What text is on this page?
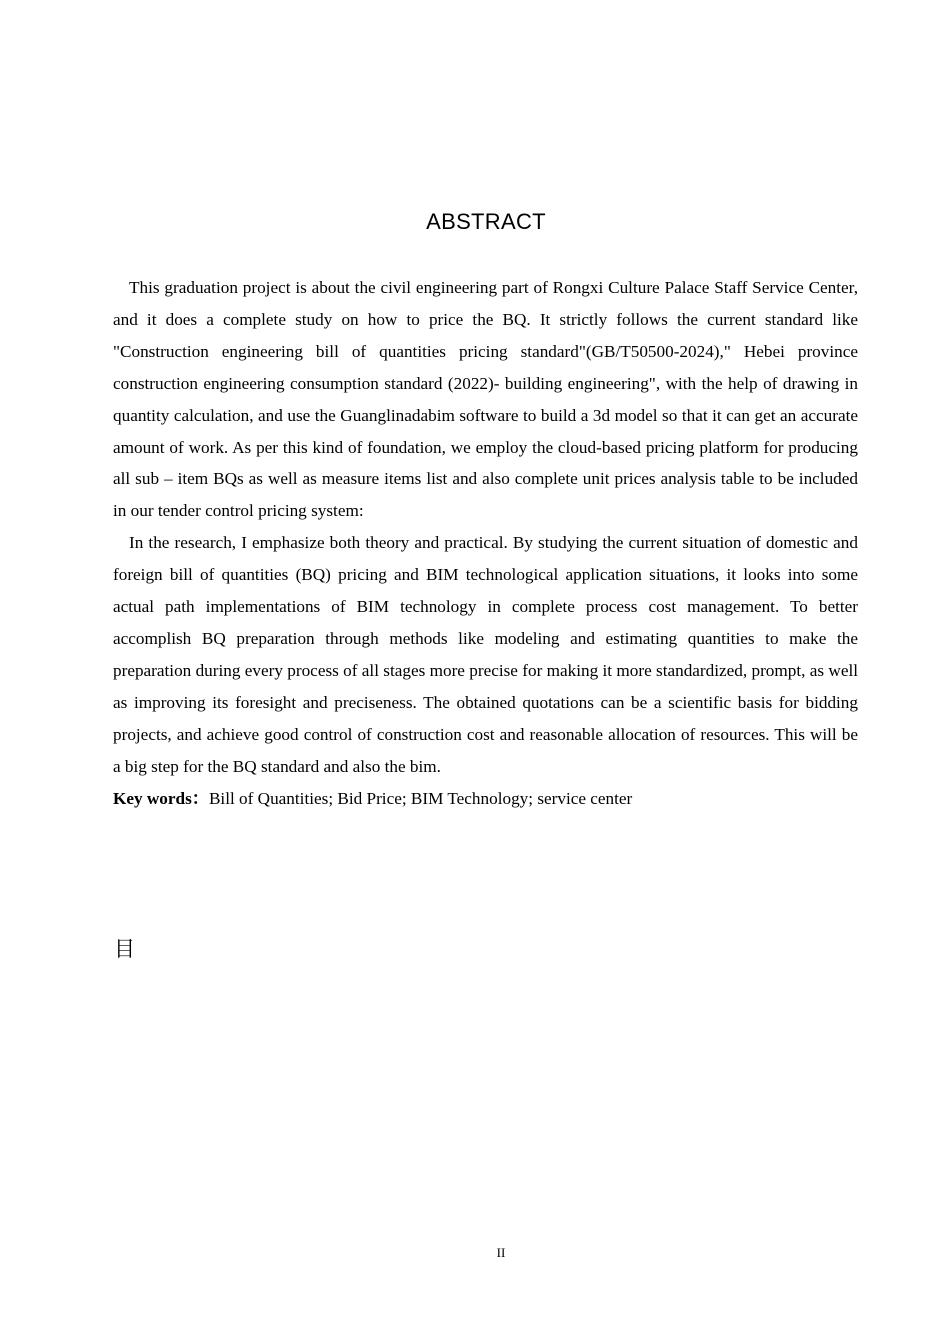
ABSTRACT

This graduation project is about the civil engineering part of Rongxi Culture Palace Staff Service Center, and it does a complete study on how to price the BQ. It strictly follows the current standard like "Construction engineering bill of quantities pricing standard"(GB/T50500-2024)," Hebei province construction engineering consumption standard (2022)- building engineering", with the help of drawing in quantity calculation, and use the Guanglinadabim software to build a 3d model so that it can get an accurate amount of work. As per this kind of foundation, we employ the cloud-based pricing platform for producing all sub – item BQs as well as measure items list and also complete unit prices analysis table to be included in our tender control pricing system:

In the research, I emphasize both theory and practical. By studying the current situation of domestic and foreign bill of quantities (BQ) pricing and BIM technological application situations, it looks into some actual path implementations of BIM technology in complete process cost management. To better accomplish BQ preparation through methods like modeling and estimating quantities to make the preparation during every process of all stages more precise for making it more standardized, prompt, as well as improving its foresight and preciseness. The obtained quotations can be a scientific basis for bidding projects, and achieve good control of construction cost and reasonable allocation of resources. This will be a big step for the BQ standard and also the bim.

Key words：Bill of Quantities; Bid Price; BIM Technology; service center

目
II
